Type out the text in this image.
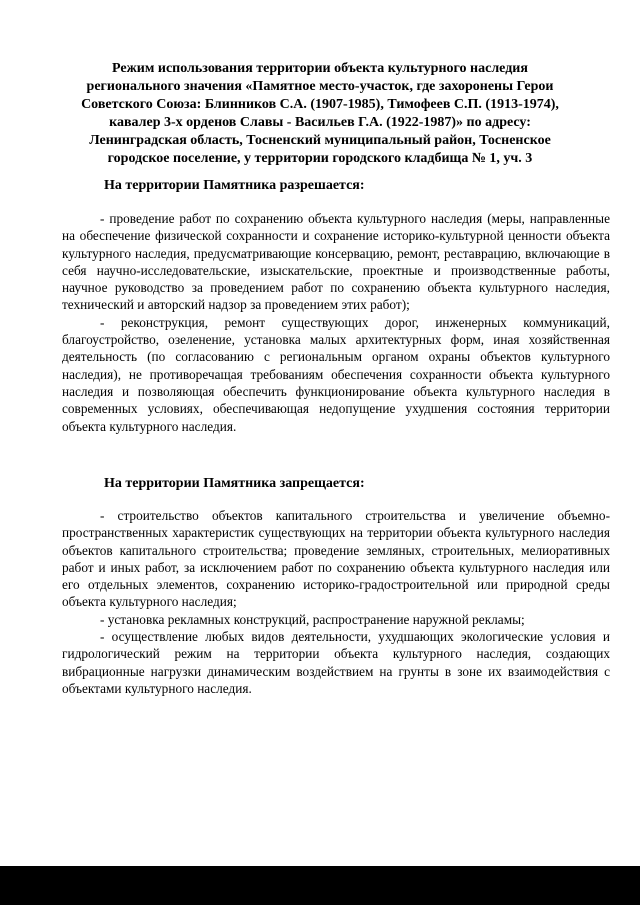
Режим использования территории объекта культурного наследия регионального значения «Памятное место-участок, где захоронены Герои Советского Союза: Блинников С.А. (1907-1985), Тимофеев С.П. (1913-1974), кавалер 3-х орденов Славы - Васильев Г.А. (1922-1987)» по адресу: Ленинградская область, Тосненский муниципальный район, Тосненское городское поселение, у территории городского кладбища № 1, уч. 3

На территории Памятника разрешается:

- проведение работ по сохранению объекта культурного наследия (меры, направленные на обеспечение физической сохранности и сохранение историко-культурной ценности объекта культурного наследия, предусматривающие консервацию, ремонт, реставрацию, включающие в себя научно-исследовательские, изыскательские, проектные и производственные работы, научное руководство за проведением работ по сохранению объекта культурного наследия, технический и авторский надзор за проведением этих работ);

- реконструкция, ремонт существующих дорог, инженерных коммуникаций, благоустройство, озеленение, установка малых архитектурных форм, иная хозяйственная деятельность (по согласованию с региональным органом охраны объектов культурного наследия), не противоречащая требованиям обеспечения сохранности объекта культурного наследия и позволяющая обеспечить функционирование объекта культурного наследия в современных условиях, обеспечивающая недопущение ухудшения состояния территории объекта культурного наследия.

На территории Памятника запрещается:

- строительство объектов капитального строительства и увеличение объемно-пространственных характеристик существующих на территории объекта культурного наследия объектов капитального строительства; проведение земляных, строительных, мелиоративных работ и иных работ, за исключением работ по сохранению объекта культурного наследия или его отдельных элементов, сохранению историко-градостроительной или природной среды объекта культурного наследия;

- установка рекламных конструкций, распространение наружной рекламы;

- осуществление любых видов деятельности, ухудшающих экологические условия и гидрологический режим на территории объекта культурного наследия, создающих вибрационные нагрузки динамическим воздействием на грунты в зоне их взаимодействия с объектами культурного наследия.
